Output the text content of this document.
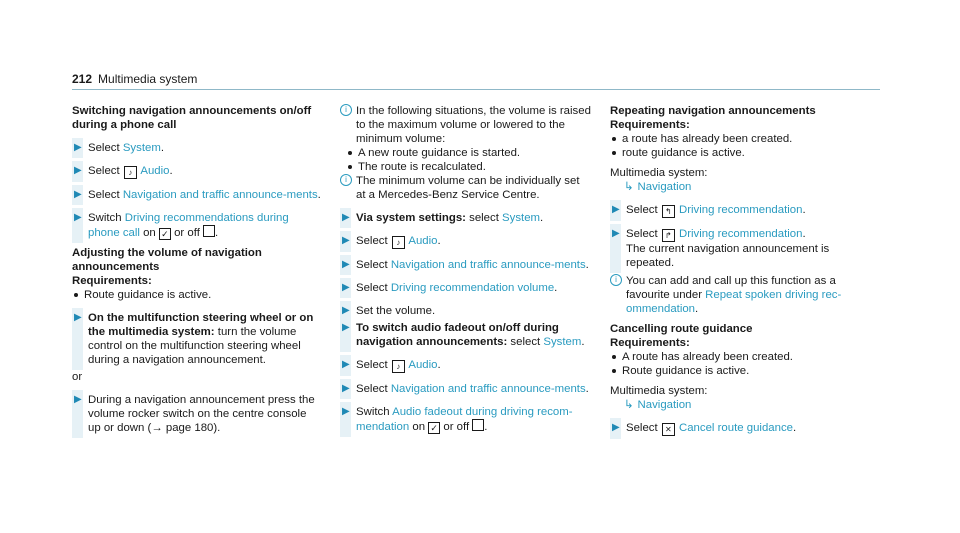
212 Multimedia system

Switching navigation announcements on/off during a phone call

▶ Select System.
▶ Select ♪ Audio.
▶ Select Navigation and traffic announce-ments.
▶ Switch Driving recommendations during phone call on ✓ or off .

Adjusting the volume of navigation announcements

Requirements:

Route guidance is active.
▶ On the multifunction steering wheel or on the multimedia system: turn the volume control on the multifunction steering wheel during a navigation announcement.
or
▶ During a navigation announcement press the volume rocker switch on the centre console up or down (→ page 180).
i In the following situations, the volume is raised to the maximum volume or lowered to the minimum volume:
A new route guidance is started.
The route is recalculated.
i The minimum volume can be individually set at a Mercedes-Benz Service Centre.
▶ Via system settings: select System.
▶ Select ♪ Audio.
▶ Select Navigation and traffic announce-ments.
▶ Select Driving recommendation volume.
▶ Set the volume.
▶ To switch audio fadeout on/off during navigation announcements: select System.
▶ Select ♪ Audio.
▶ Select Navigation and traffic announce-ments.
▶ Switch Audio fadeout during driving recom-mendation on ✓ or off .

Repeating navigation announcements

Requirements:

a route has already been created.
route guidance is active.
Multimedia system:
↳ Navigation
▶ Select ↰ Driving recommendation.
▶ Select ↱ Driving recommendation.
The current navigation announcement is repeated.
i You can add and call up this function as a favourite under Repeat spoken driving rec-ommendation.

Cancelling route guidance

Requirements:

A route has already been created.
Route guidance is active.
Multimedia system:
↳ Navigation
▶ Select ✕ Cancel route guidance.
